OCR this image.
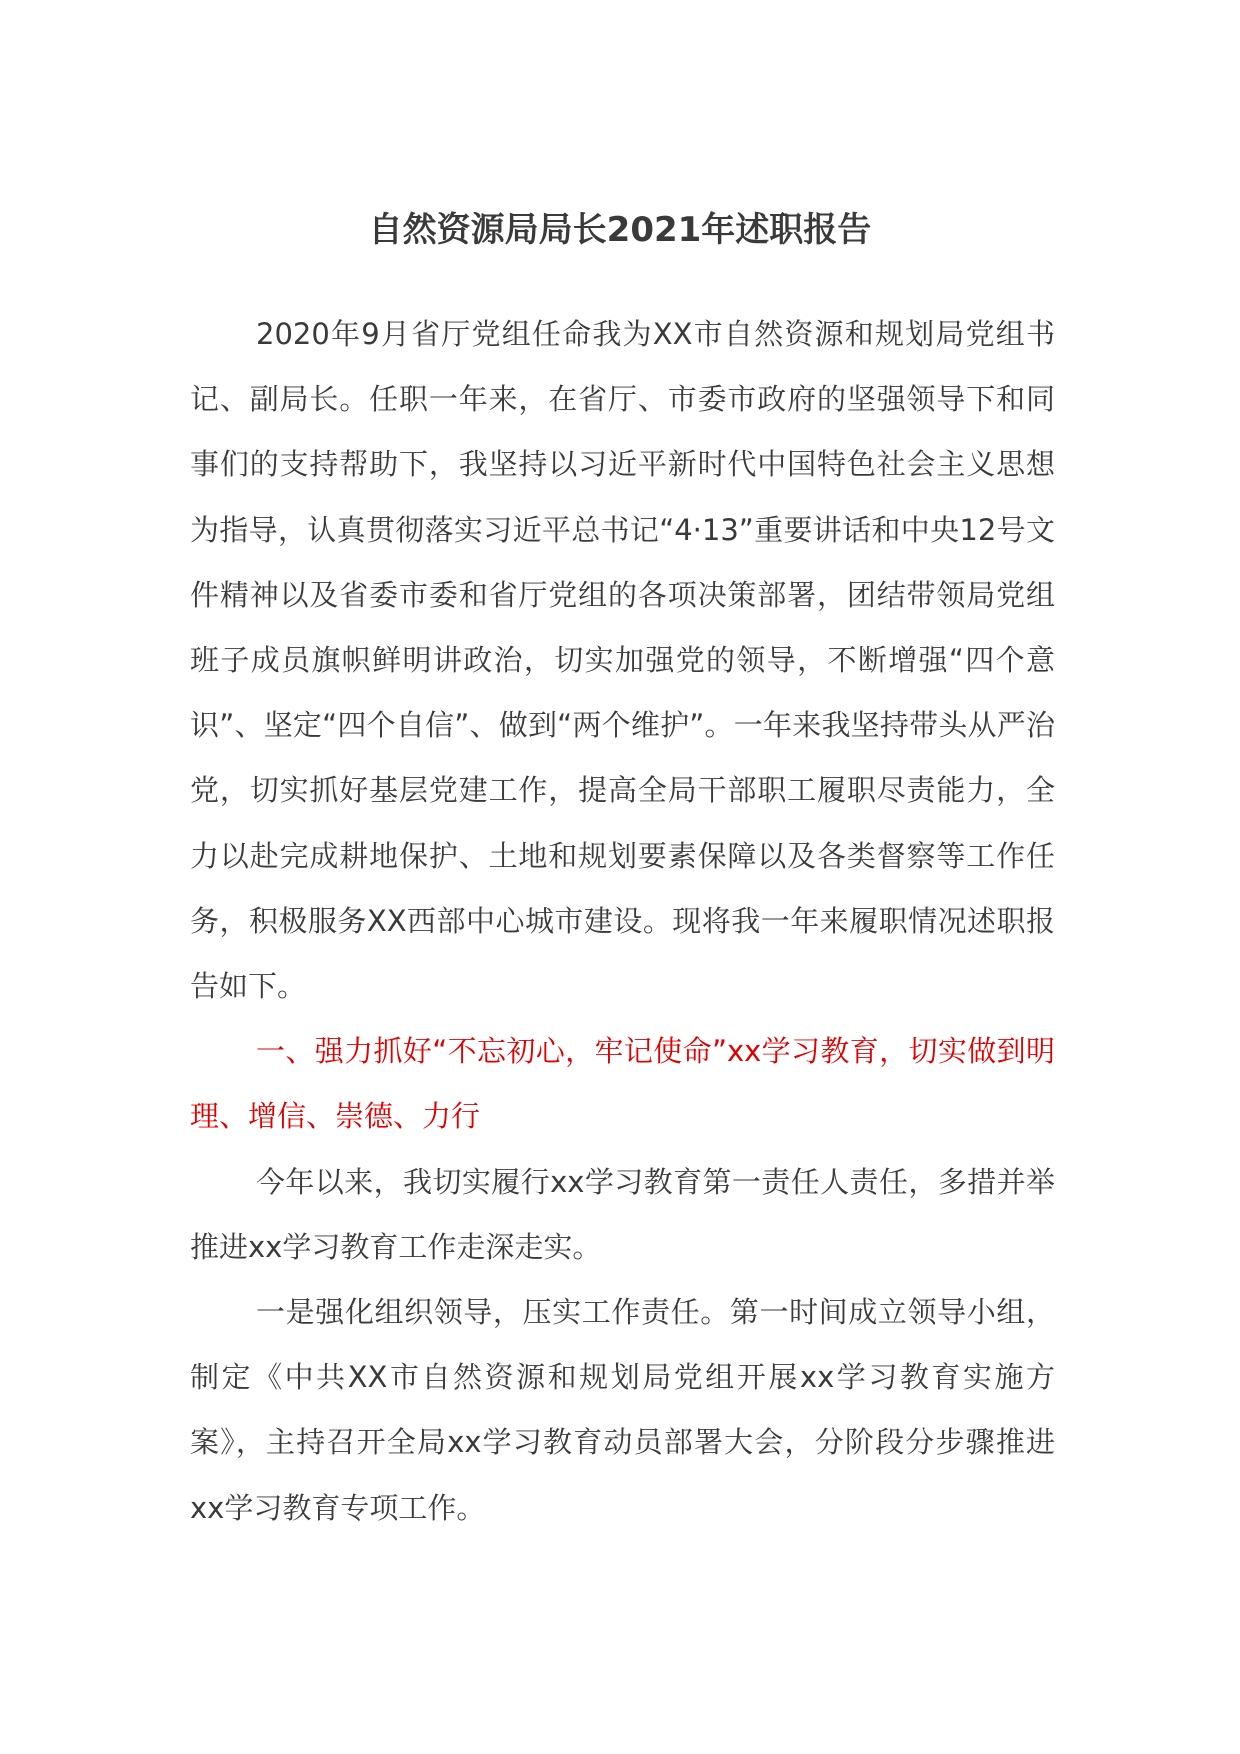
自然资源局局长2021年述职报告

2020年9月省厅党组任命我为XX市自然资源和规划局党组书记、副局长。任职一年来，在省厅、市委市政府的坚强领导下和同事们的支持帮助下，我坚持以习近平新时代中国特色社会主义思想为指导，认真贯彻落实习近平总书记“4·13”重要讲话和中央12号文件精神以及省委市委和省厅党组的各项决策部署，团结带领局党组班子成员旗帜鲜明讲政治，切实加强党的领导，不断增强“四个意识”、坚定“四个自信”、做到“两个维护”。一年来我坚持带头从严治党，切实抓好基层党建工作，提高全局干部职工履职尽责能力，全力以赴完成耕地保护、土地和规划要素保障以及各类督察等工作任务，积极服务XX西部中心城市建设。现将我一年来履职情况述职报告如下。

一、强力抓好“不忘初心，牢记使命”xx学习教育，切实做到明理、增信、崇德、力行

今年以来，我切实履行xx学习教育第一责任人责任，多措并举推进xx学习教育工作走深走实。

一是强化组织领导，压实工作责任。第一时间成立领导小组，制定《中共XX市自然资源和规划局党组开展xx学习教育实施方案》，主持召开全局xx学习教育动员部署大会，分阶段分步骤推进xx学习教育专项工作。
